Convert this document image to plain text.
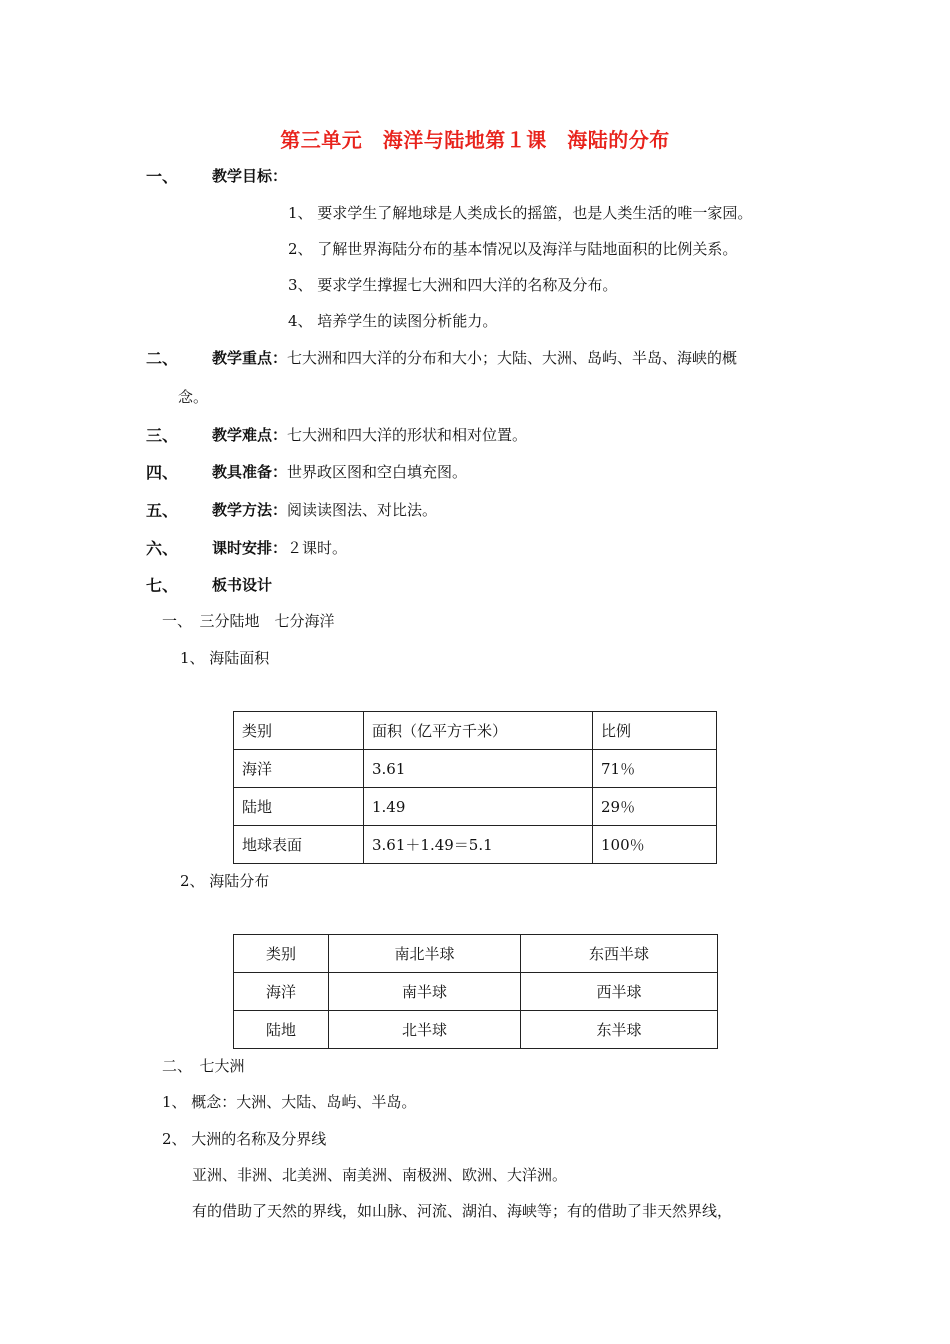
第三单元　海洋与陆地第１课　海陆的分布
一、 教学目标：
1、 要求学生了解地球是人类成长的摇篮，也是人类生活的唯一家园。
2、 了解世界海陆分布的基本情况以及海洋与陆地面积的比例关系。
3、 要求学生撑握七大洲和四大洋的名称及分布。
4、 培养学生的读图分析能力。
二、 教学重点：七大洲和四大洋的分布和大小；大陆、大洲、岛屿、半岛、海峡的概
念。
三、 教学难点：七大洲和四大洋的形状和相对位置。
四、 教具准备：世界政区图和空白填充图。
五、 教学方法：阅读读图法、对比法。
六、 课时安排：２课时。
七、 板书设计
一、　三分陆地　七分海洋
1、 海陆面积
类别	面积（亿平方千米）	比例
海洋	3.61	71％
陆地	1.49	29％
地球表面	3.61＋1.49＝5.1	100％
2、 海陆分布
类别	南北半球	东西半球
海洋	南半球	西半球
陆地	北半球	东半球
二、　七大洲
1、 概念：大洲、大陆、岛屿、半岛。
2、 大洲的名称及分界线
亚洲、非洲、北美洲、南美洲、南极洲、欧洲、大洋洲。
有的借助了天然的界线，如山脉、河流、湖泊、海峡等；有的借助了非天然界线，
